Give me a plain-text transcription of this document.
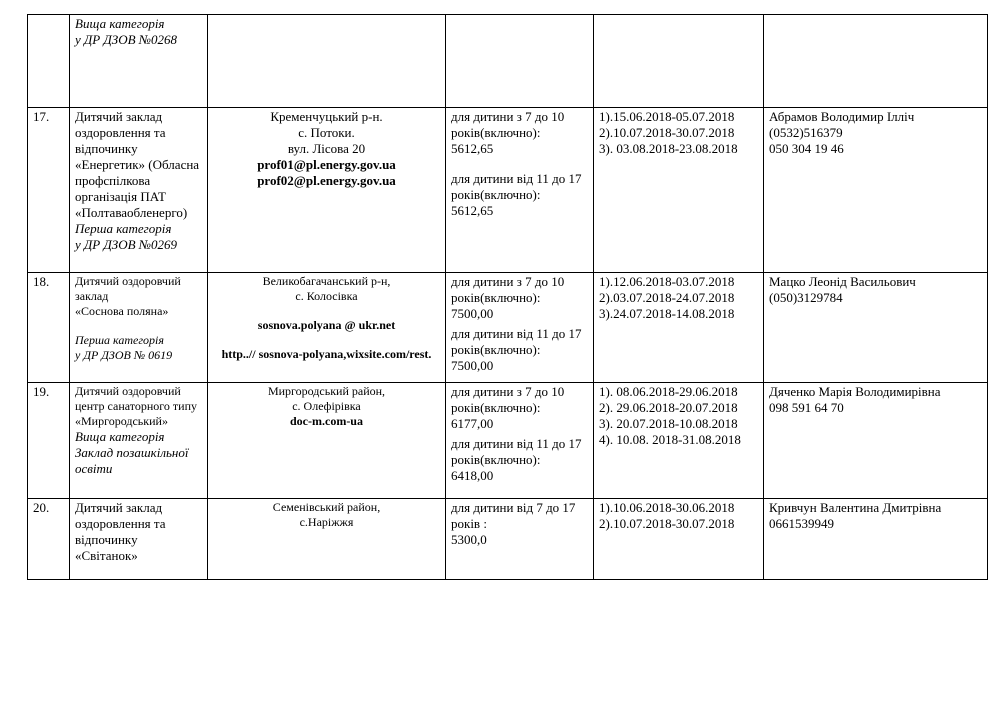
	Вища категорія
у ДР ДЗОВ №0268				

17.	Дитячий заклад оздоровлення та відпочинку «Енергетик» (Обласна профспілкова організація ПАТ «Полтаваобленерго)
Перша категорія
у ДР ДЗОВ №0269	Кременчуцький р-н.
с. Потоки.
вул. Лісова 20
prof01@pl.energy.gov.ua
prof02@pl.energy.gov.ua	для дитини з 7 до 10 років(включно):
5612,65
для дитини від 11 до 17 років(включно):
5612,65	1).15.06.2018-05.07.2018
2).10.07.2018-30.07.2018
3). 03.08.2018-23.08.2018	Абрамов Володимир Ілліч
(0532)516379
050 304 19 46

18.	Дитячий оздоровчий заклад
«Соснова поляна»
Перша категорія
у ДР ДЗОВ № 0619	Великобагачанський р-н,
с. Колосівка
sosnova.polyana @ ukr.net
http..// sosnova-polyana,wixsite.com/rest.	для дитини з 7 до 10 років(включно):
7500,00
для дитини від 11 до 17 років(включно):
7500,00	1).12.06.2018-03.07.2018
2).03.07.2018-24.07.2018
3).24.07.2018-14.08.2018	Мацко Леонід Васильович
(050)3129784

19.	Дитячий оздоровчий центр санаторного типу
«Миргородський»
Вища категорія
Заклад позашкільної освіти	Миргородський район,
с. Олефірівка
doc-m.com-ua	для дитини з 7 до 10 років(включно):
6177,00
для дитини від 11 до 17 років(включно):
6418,00	1). 08.06.2018-29.06.2018
2). 29.06.2018-20.07.2018
3). 20.07.2018-10.08.2018
4). 10.08. 2018-31.08.2018	Дяченко Марія Володимирівна
098 591 64 70

20.	Дитячий заклад оздоровлення та відпочинку
«Світанок»	Семенівський район,
с.Наріжжя	для дитини від 7 до 17 років :
5300,0	1).10.06.2018-30.06.2018
2).10.07.2018-30.07.2018	Кривчун Валентина Дмитрівна
0661539949
